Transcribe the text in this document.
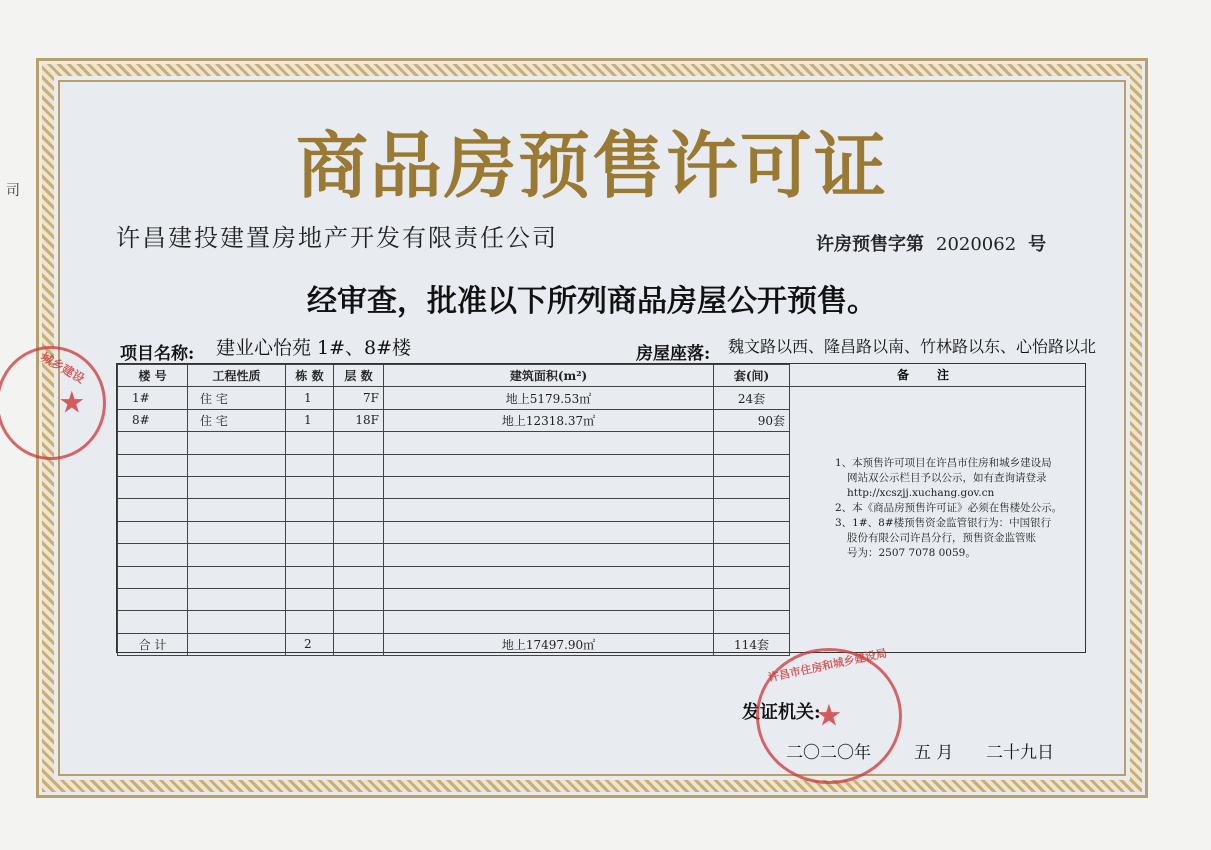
司	商品房预售许可证
许昌建投建置房地产开发有限责任公司	许房预售字第 2020062 号
经审查，批准以下所列商品房屋公开预售。
项目名称: 建业心怡苑 1#、8#楼	房屋座落: 魏文路以西、隆昌路以南、竹林路以东、心怡路以北
楼 号	工程性质	栋 数	层 数	建筑面积(m²)	套(间)
1#	住 宅	1	7F	地上5179.53㎡	24套
8#	住 宅	1	18F	地上12318.37㎡	90套

合 计		2		地上17497.90㎡	114套
备注

1、本预售许可项目在许昌市住房和城乡建设局

网站双公示栏目予以公示，如有查询请登录

http://xcszjj.xuchang.gov.cn

2、本《商品房预售许可证》必须在售楼处公示。

3、1#、8#楼预售资金监管银行为：中国银行

股份有限公司许昌分行，预售资金监管账

号为：2507 7078 0059。

发证机关:
二〇二〇年	五 月 二十九日
许昌市住房和城乡建设局
★
城乡建设
★
